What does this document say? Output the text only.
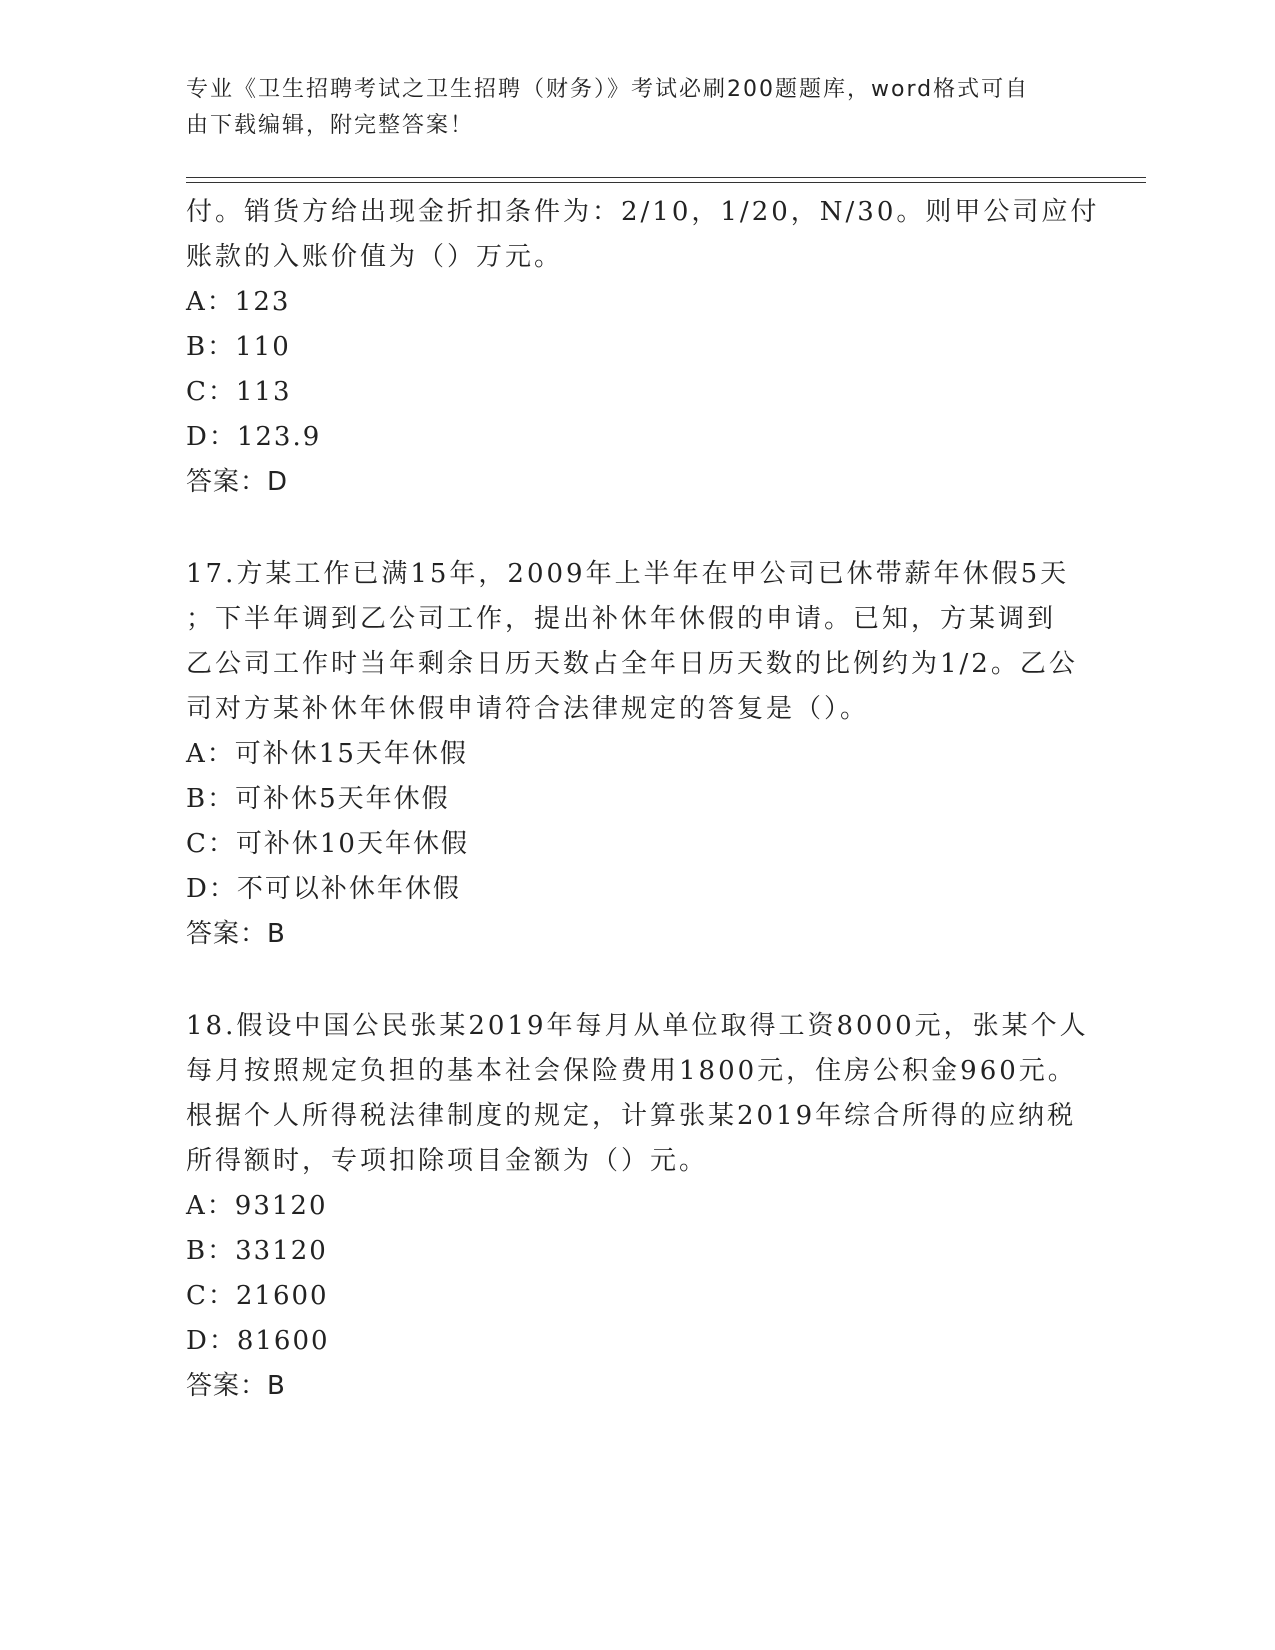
专业《卫生招聘考试之卫生招聘（财务）》考试必刷200题题库，word格式可自
由下载编辑，附完整答案！

付。销货方给出现金折扣条件为：2/10，1/20，N/30。则甲公司应付

账款的入账价值为（）万元。

A：123

B：110

C：113

D：123.9

答案：D

17.方某工作已满15年，2009年上半年在甲公司已休带薪年休假5天

；下半年调到乙公司工作，提出补休年休假的申请。已知，方某调到

乙公司工作时当年剩余日历天数占全年日历天数的比例约为1/2。乙公

司对方某补休年休假申请符合法律规定的答复是（）。

A：可补休15天年休假

B：可补休5天年休假

C：可补休10天年休假

D：不可以补休年休假

答案：B

18.假设中国公民张某2019年每月从单位取得工资8000元，张某个人

每月按照规定负担的基本社会保险费用1800元，住房公积金960元。

根据个人所得税法律制度的规定，计算张某2019年综合所得的应纳税

所得额时，专项扣除项目金额为（）元。

A：93120

B：33120

C：21600

D：81600

答案：B
